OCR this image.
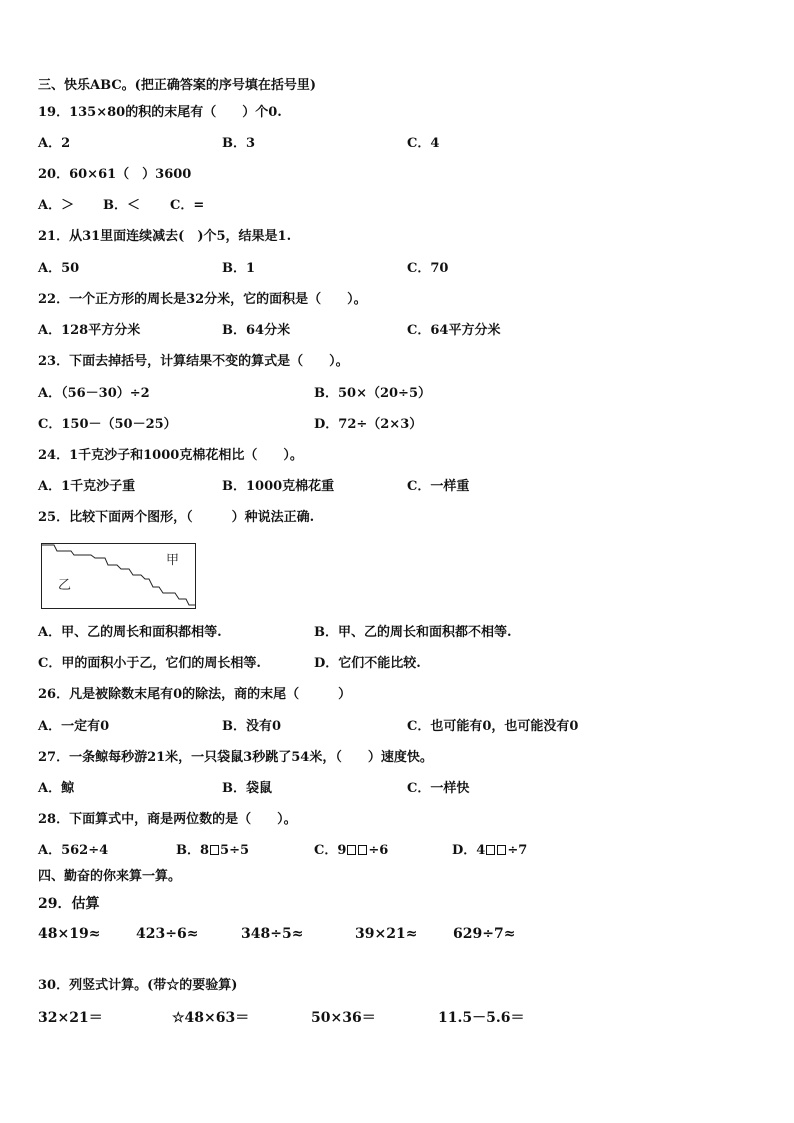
三、快乐ABC。(把正确答案的序号填在括号里)
19．135×80的积的末尾有（　　）个0.
A．2	B．3	C．4
20．60×61（　）3600
A．＞ B．＜ C．=
21．从31里面连续减去(　)个5，结果是1.
A．50	B．1	C．70
22．一个正方形的周长是32分米，它的面积是（　　）。
A．128平方分米	B．64分米	C．64平方分米
23．下面去掉括号，计算结果不变的算式是（　　）。
A．（56－30）÷2	B．50×（20÷5）
C．150－（50－25）	D．72÷（2×3）
24．1千克沙子和1000克棉花相比（　　）。
A．1千克沙子重	B．1000克棉花重	C．一样重
25．比较下面两个图形，（　　　）种说法正确.
甲
乙
A．甲、乙的周长和面积都相等.	B．甲、乙的周长和面积都不相等.
C．甲的面积小于乙，它们的周长相等.	D．它们不能比较.
26．凡是被除数末尾有0的除法，商的末尾（　　　）
A．一定有0	B．没有0	C．也可能有0，也可能没有0
27．一条鲸每秒游21米，一只袋鼠3秒跳了54米，（　　）速度快。
A．鲸	B．袋鼠	C．一样快
28．下面算式中，商是两位数的是（　　）。
A．562÷4	B．8 5÷5	C．9 ÷6	D．4 ÷7
四、勤奋的你来算一算。
29．估算
48×19≈	423÷6≈	348÷5≈	39×21≈	629÷7≈
30．列竖式计算。(带☆的要验算)
32×21＝	☆48×63＝	50×36＝	11.5－5.6＝
